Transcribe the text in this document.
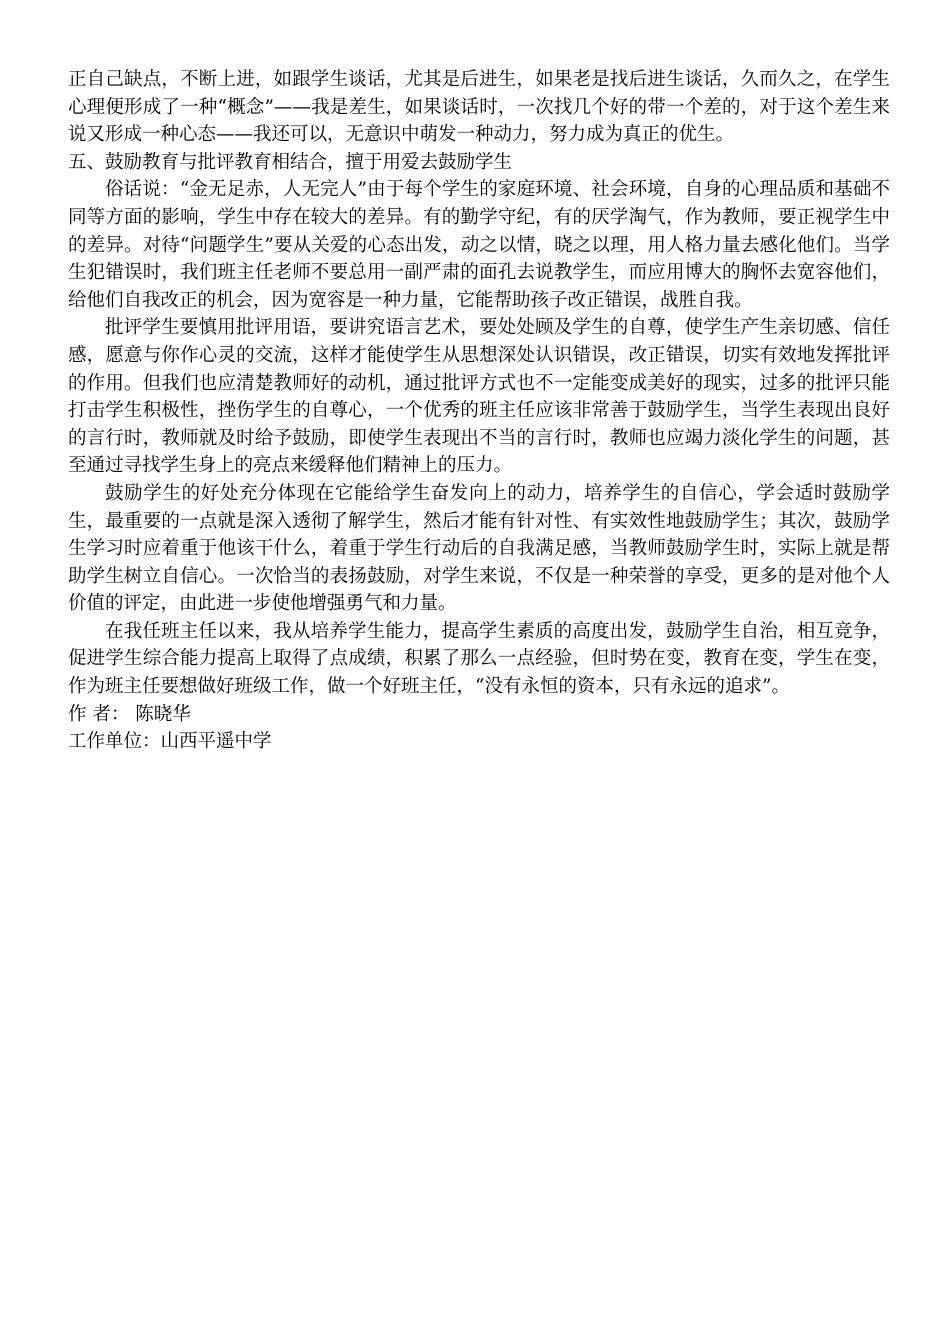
正自己缺点，不断上进，如跟学生谈话，尤其是后进生，如果老是找后进生谈话，久而久之，在学生心理便形成了一种“概念”——我是差生，如果谈话时，一次找几个好的带一个差的，对于这个差生来说又形成一种心态——我还可以，无意识中萌发一种动力，努力成为真正的优生。

五、鼓励教育与批评教育相结合，擅于用爱去鼓励学生

俗话说：“金无足赤，人无完人”由于每个学生的家庭环境、社会环境，自身的心理品质和基础不同等方面的影响，学生中存在较大的差异。有的勤学守纪，有的厌学淘气，作为教师，要正视学生中的差异。对待“问题学生”要从关爱的心态出发，动之以情，晓之以理，用人格力量去感化他们。当学生犯错误时，我们班主任老师不要总用一副严肃的面孔去说教学生，而应用博大的胸怀去宽容他们，给他们自我改正的机会，因为宽容是一种力量，它能帮助孩子改正错误，战胜自我。

批评学生要慎用批评用语，要讲究语言艺术，要处处顾及学生的自尊，使学生产生亲切感、信任感，愿意与你作心灵的交流，这样才能使学生从思想深处认识错误，改正错误，切实有效地发挥批评的作用。但我们也应清楚教师好的动机，通过批评方式也不一定能变成美好的现实，过多的批评只能打击学生积极性，挫伤学生的自尊心，一个优秀的班主任应该非常善于鼓励学生，当学生表现出良好的言行时，教师就及时给予鼓励，即使学生表现出不当的言行时，教师也应竭力淡化学生的问题，甚至通过寻找学生身上的亮点来缓释他们精神上的压力。

鼓励学生的好处充分体现在它能给学生奋发向上的动力，培养学生的自信心，学会适时鼓励学生，最重要的一点就是深入透彻了解学生，然后才能有针对性、有实效性地鼓励学生；其次，鼓励学生学习时应着重于他该干什么，着重于学生行动后的自我满足感，当教师鼓励学生时，实际上就是帮助学生树立自信心。一次恰当的表扬鼓励，对学生来说，不仅是一种荣誉的享受，更多的是对他个人价值的评定，由此进一步使他增强勇气和力量。

在我任班主任以来，我从培养学生能力，提高学生素质的高度出发，鼓励学生自治，相互竞争，促进学生综合能力提高上取得了点成绩，积累了那么一点经验，但时势在变，教育在变，学生在变，作为班主任要想做好班级工作，做一个好班主任，“没有永恒的资本，只有永远的追求”。

作 者： 陈晓华

工作单位：山西平遥中学
